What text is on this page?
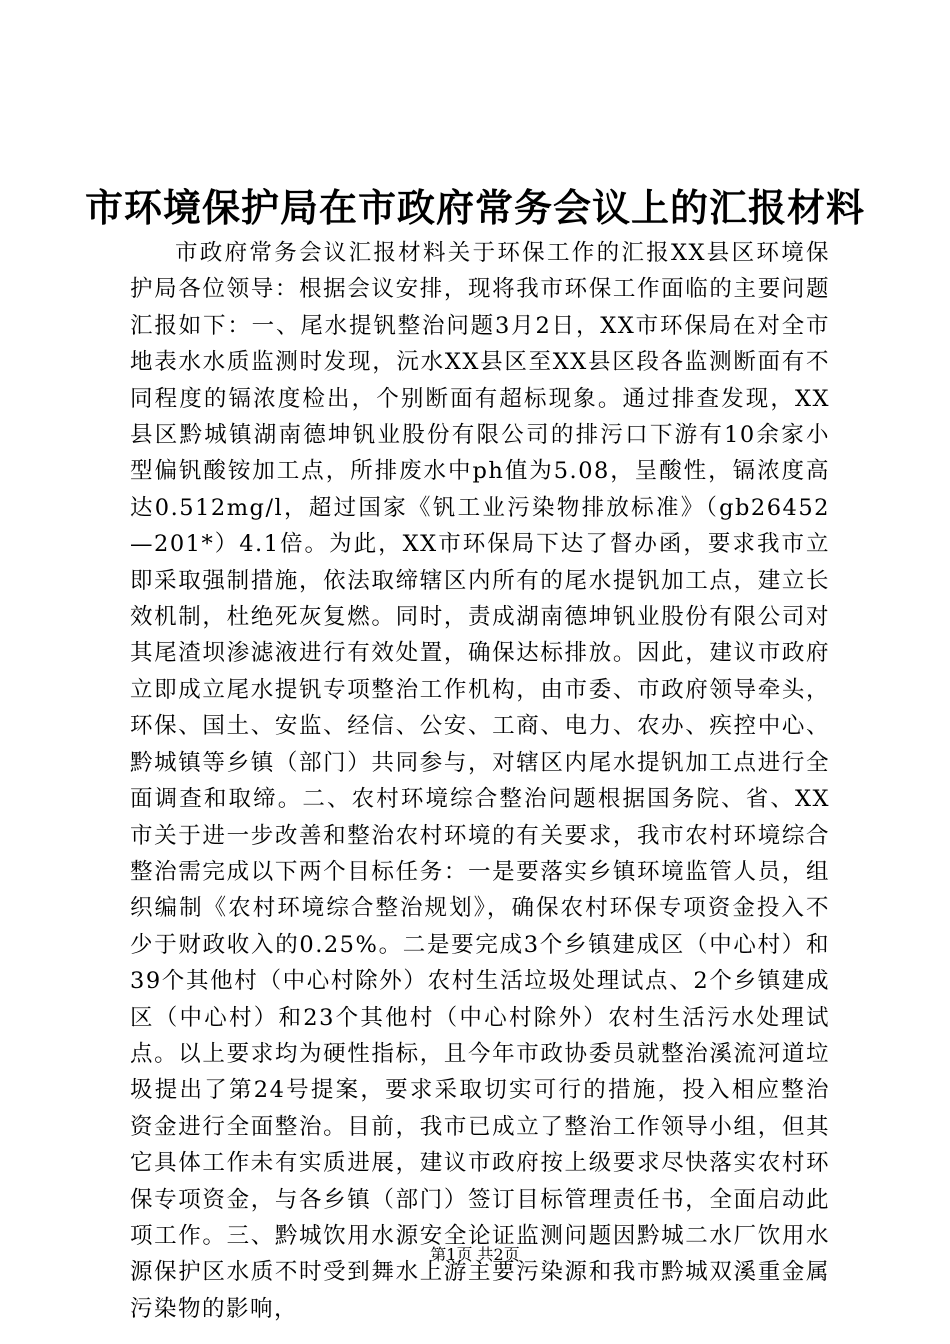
市环境保护局在市政府常务会议上的汇报材料

市政府常务会议汇报材料关于环保工作的汇报XX县区环境保护局各位领导：根据会议安排，现将我市环保工作面临的主要问题汇报如下：一、尾水提钒整治问题3月2日，XX市环保局在对全市地表水水质监测时发现，沅水XX县区至XX县区段各监测断面有不同程度的镉浓度检出，个别断面有超标现象。通过排查发现，XX县区黔城镇湖南德坤钒业股份有限公司的排污口下游有10余家小型偏钒酸铵加工点，所排废水中ph值为5.08，呈酸性，镉浓度高达0.512mg/l，超过国家《钒工业污染物排放标准》（gb26452—201*）4.1倍。为此，XX市环保局下达了督办函，要求我市立即采取强制措施，依法取缔辖区内所有的尾水提钒加工点，建立长效机制，杜绝死灰复燃。同时，责成湖南德坤钒业股份有限公司对其尾渣坝渗滤液进行有效处置，确保达标排放。因此，建议市政府立即成立尾水提钒专项整治工作机构，由市委、市政府领导牵头，环保、国土、安监、经信、公安、工商、电力、农办、疾控中心、黔城镇等乡镇（部门）共同参与，对辖区内尾水提钒加工点进行全面调查和取缔。二、农村环境综合整治问题根据国务院、省、XX市关于进一步改善和整治农村环境的有关要求，我市农村环境综合整治需完成以下两个目标任务：一是要落实乡镇环境监管人员，组织编制《农村环境综合整治规划》，确保农村环保专项资金投入不少于财政收入的0.25%。二是要完成3个乡镇建成区（中心村）和39个其他村（中心村除外）农村生活垃圾处理试点、2个乡镇建成区（中心村）和23个其他村（中心村除外）农村生活污水处理试点。以上要求均为硬性指标，且今年市政协委员就整治溪流河道垃圾提出了第24号提案，要求采取切实可行的措施，投入相应整治资金进行全面整治。目前，我市已成立了整治工作领导小组，但其它具体工作未有实质进展，建议市政府按上级要求尽快落实农村环保专项资金，与各乡镇（部门）签订目标管理责任书，全面启动此项工作。三、黔城饮用水源安全论证监测问题因黔城二水厂饮用水源保护区水质不时受到舞水上游主要污染源和我市黔城双溪重金属污染物的影响，

第1页 共2页
